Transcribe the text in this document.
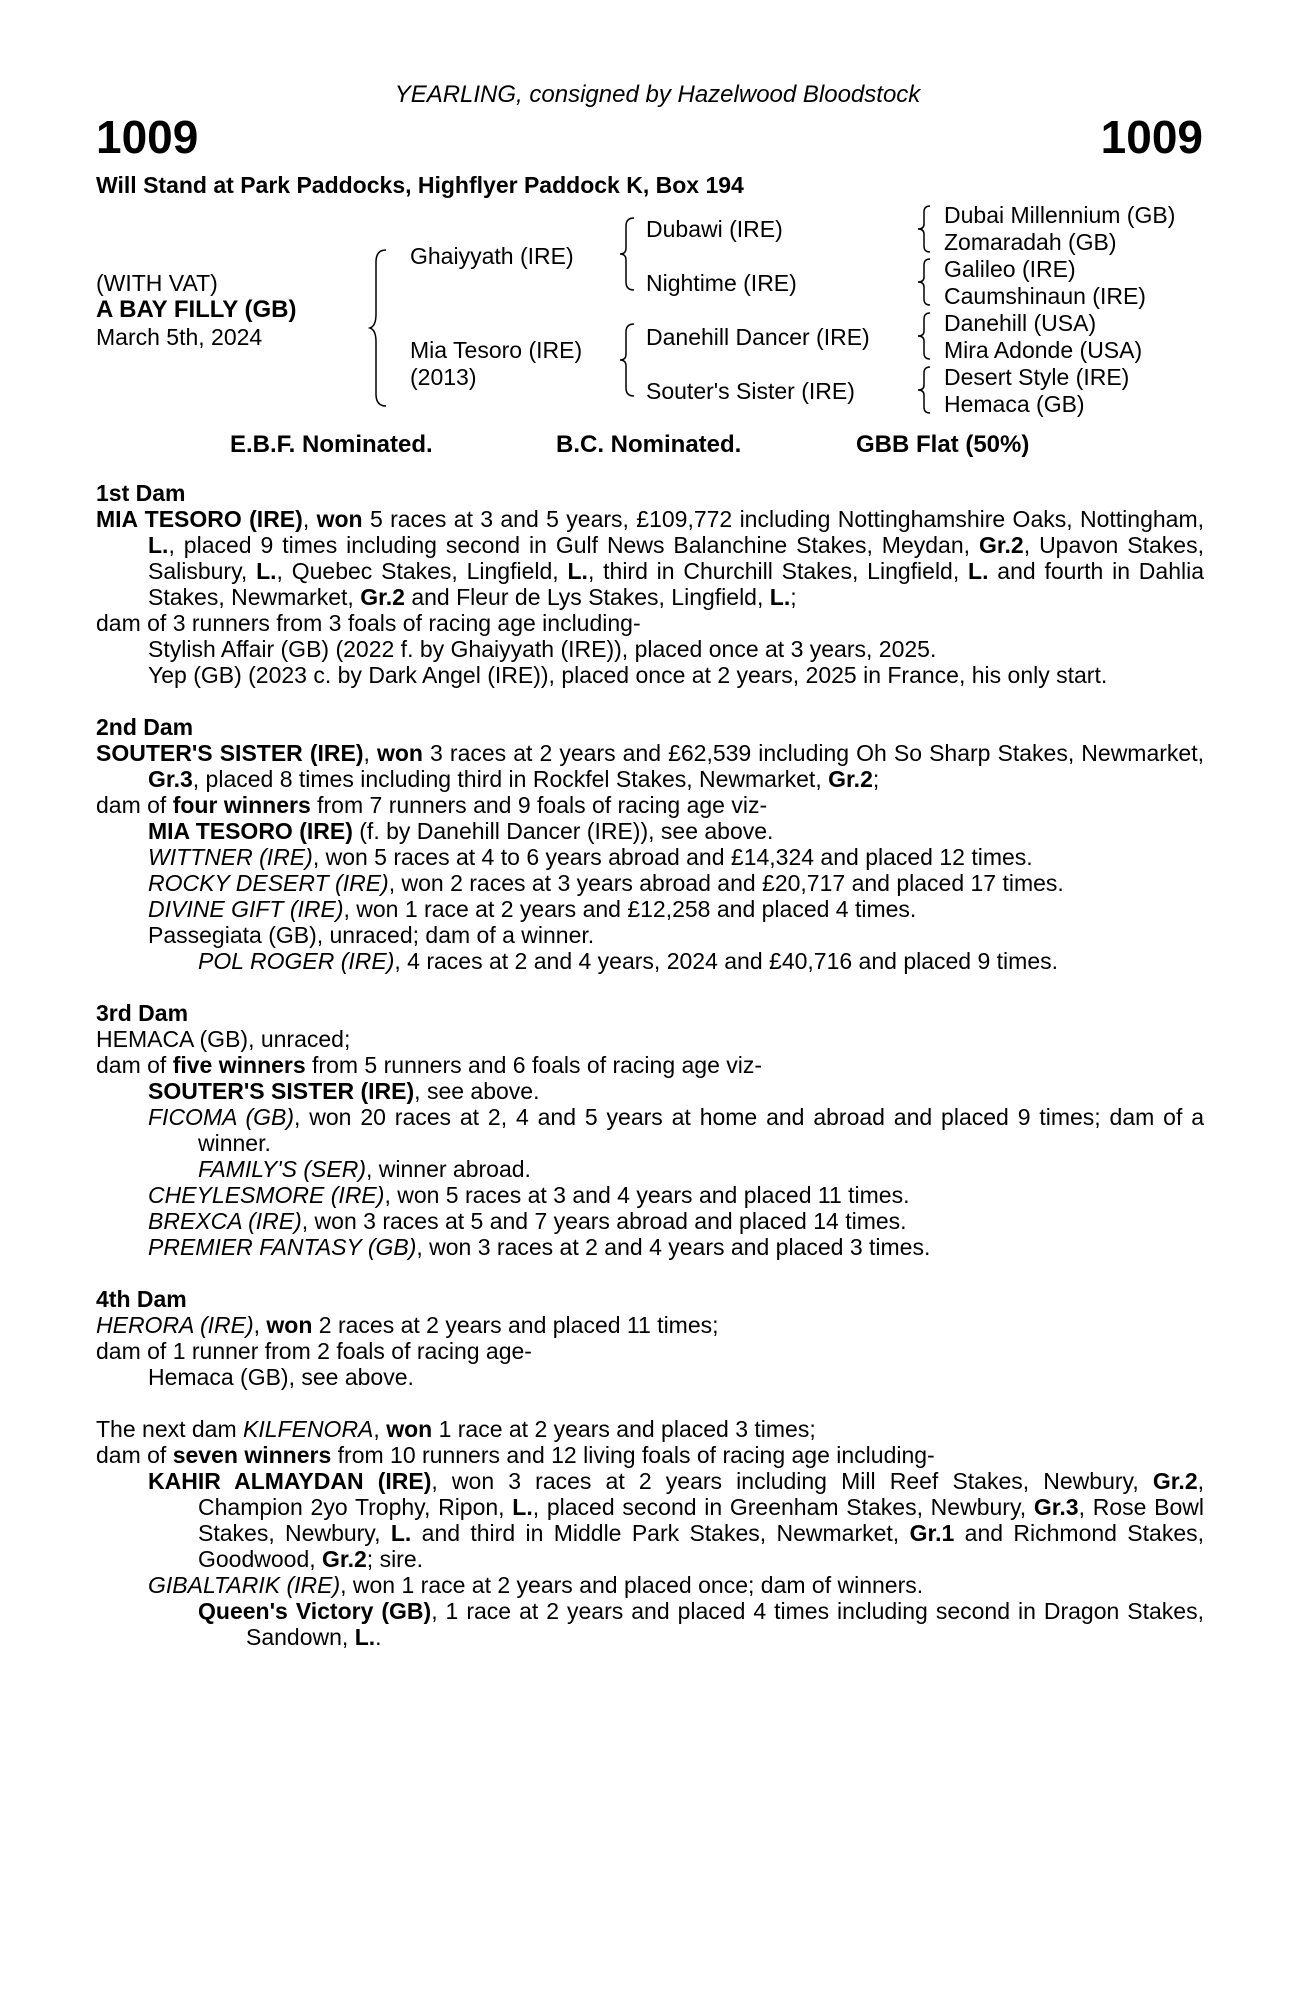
YEARLING, consigned by Hazelwood Bloodstock
1009	1009
Will Stand at Park Paddocks, Highflyer Paddock K, Box 194
(WITH VAT)
A BAY FILLY (GB)
March 5th, 2024
Ghaiyyath (IRE)
Mia Tesoro (IRE)
(2013)
Dubawi (IRE)
Nightime (IRE)
Danehill Dancer (IRE)
Souter's Sister (IRE)
Dubai Millennium (GB)
Zomaradah (GB)
Galileo (IRE)
Caumshinaun (IRE)
Danehill (USA)
Mira Adonde (USA)
Desert Style (IRE)
Hemaca (GB)
E.B.F. Nominated.	B.C. Nominated.	GBB Flat (50%)
1st Dam
MIA TESORO (IRE), won 5 races at 3 and 5 years, £109,772 including Nottinghamshire Oaks, Nottingham, L., placed 9 times including second in Gulf News Balanchine Stakes, Meydan, Gr.2, Upavon Stakes, Salisbury, L., Quebec Stakes, Lingfield, L., third in Churchill Stakes, Lingfield, L. and fourth in Dahlia Stakes, Newmarket, Gr.2 and Fleur de Lys Stakes, Lingfield, L.;
dam of 3 runners from 3 foals of racing age including-
Stylish Affair (GB) (2022 f. by Ghaiyyath (IRE)), placed once at 3 years, 2025.
Yep (GB) (2023 c. by Dark Angel (IRE)), placed once at 2 years, 2025 in France, his only start.
2nd Dam
SOUTER'S SISTER (IRE), won 3 races at 2 years and £62,539 including Oh So Sharp Stakes, Newmarket, Gr.3, placed 8 times including third in Rockfel Stakes, Newmarket, Gr.2;
dam of four winners from 7 runners and 9 foals of racing age viz-
MIA TESORO (IRE) (f. by Danehill Dancer (IRE)), see above.
WITTNER (IRE), won 5 races at 4 to 6 years abroad and £14,324 and placed 12 times.
ROCKY DESERT (IRE), won 2 races at 3 years abroad and £20,717 and placed 17 times.
DIVINE GIFT (IRE), won 1 race at 2 years and £12,258 and placed 4 times.
Passegiata (GB), unraced; dam of a winner.
POL ROGER (IRE), 4 races at 2 and 4 years, 2024 and £40,716 and placed 9 times.
3rd Dam
HEMACA (GB), unraced;
dam of five winners from 5 runners and 6 foals of racing age viz-
SOUTER'S SISTER (IRE), see above.
FICOMA (GB), won 20 races at 2, 4 and 5 years at home and abroad and placed 9 times; dam of a winner.
FAMILY'S (SER), winner abroad.
CHEYLESMORE (IRE), won 5 races at 3 and 4 years and placed 11 times.
BREXCA (IRE), won 3 races at 5 and 7 years abroad and placed 14 times.
PREMIER FANTASY (GB), won 3 races at 2 and 4 years and placed 3 times.
4th Dam
HERORA (IRE), won 2 races at 2 years and placed 11 times;
dam of 1 runner from 2 foals of racing age-
Hemaca (GB), see above.
The next dam KILFENORA, won 1 race at 2 years and placed 3 times;
dam of seven winners from 10 runners and 12 living foals of racing age including-
KAHIR ALMAYDAN (IRE), won 3 races at 2 years including Mill Reef Stakes, Newbury, Gr.2, Champion 2yo Trophy, Ripon, L., placed second in Greenham Stakes, Newbury, Gr.3, Rose Bowl Stakes, Newbury, L. and third in Middle Park Stakes, Newmarket, Gr.1 and Richmond Stakes, Goodwood, Gr.2; sire.
GIBALTARIK (IRE), won 1 race at 2 years and placed once; dam of winners.
Queen's Victory (GB), 1 race at 2 years and placed 4 times including second in Dragon Stakes, Sandown, L..
